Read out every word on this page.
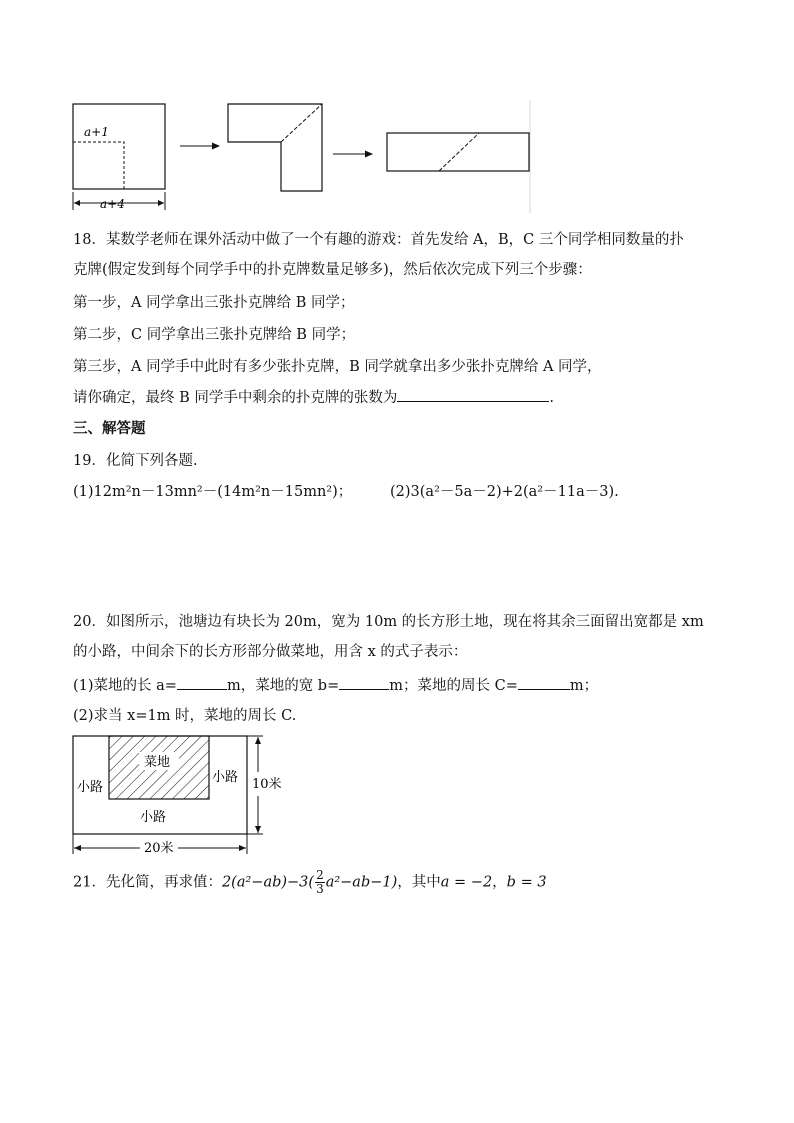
a+1
a+4
18．某数学老师在课外活动中做了一个有趣的游戏：首先发给 A，B，C 三个同学相同数量的扑
克牌(假定发到每个同学手中的扑克牌数量足够多)，然后依次完成下列三个步骤：
第一步，A 同学拿出三张扑克牌给 B 同学；
第二步，C 同学拿出三张扑克牌给 B 同学；
第三步，A 同学手中此时有多少张扑克牌，B 同学就拿出多少张扑克牌给 A 同学，
请你确定，最终 B 同学手中剩余的扑克牌的张数为	.
三、解答题
19．化简下列各题.
(1)12m²n－13mn²－(14m²n－15mn²)；	(2)3(a²－5a－2)+2(a²－11a－3).
20．如图所示，池塘边有块长为 20m，宽为 10m 的长方形土地，现在将其余三面留出宽都是 xm
的小路，中间余下的长方形部分做菜地，用含 x 的式子表示：
(1)菜地的长 a=	m，菜地的宽 b=	m；菜地的周长 C=	m；
(2)求当 x=1m 时，菜地的周长 C.
菜地
小路
小路
小路
10米
20米
21．先化简，再求值：$2(a^2-ab)-3( \frac{2}{3} a^2-ab-1)$，其中a = −2，b = 3
